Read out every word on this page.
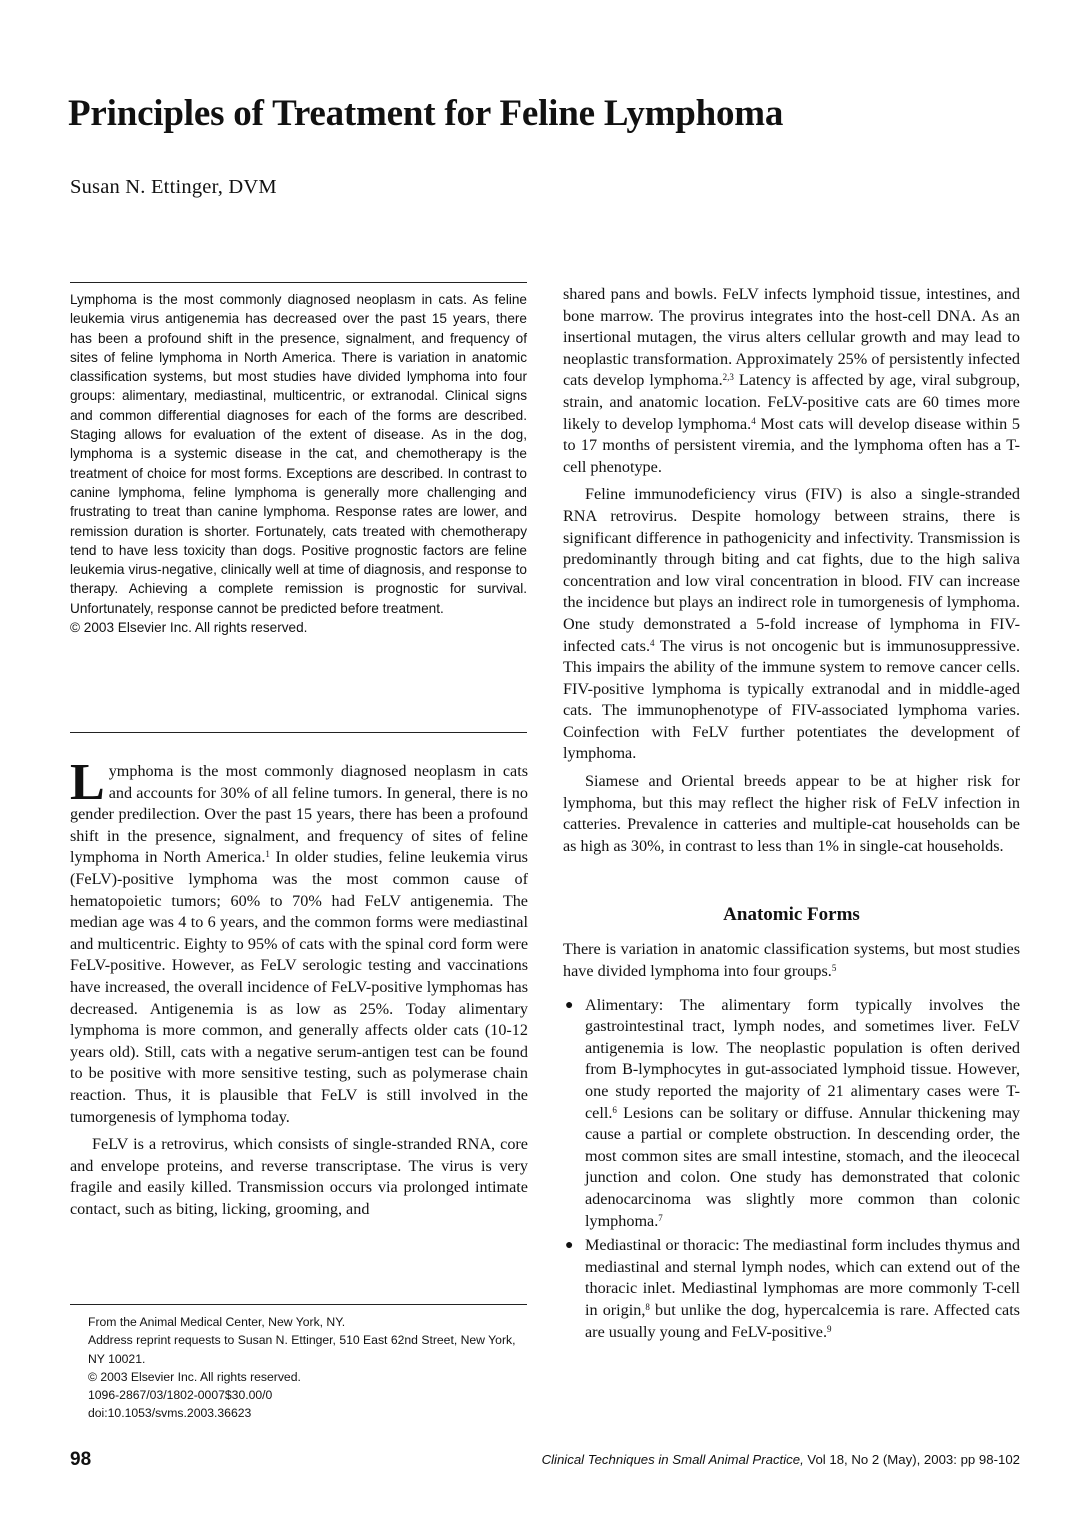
Principles of Treatment for Feline Lymphoma
Susan N. Ettinger, DVM

Lymphoma is the most commonly diagnosed neoplasm in cats. As feline leukemia virus antigenemia has decreased over the past 15 years, there has been a profound shift in the presence, signalment, and frequency of sites of feline lymphoma in North America. There is variation in anatomic classification systems, but most studies have divided lymphoma into four groups: alimentary, mediastinal, multicentric, or extranodal. Clinical signs and common differential diagnoses for each of the forms are described. Staging allows for evaluation of the extent of disease. As in the dog, lymphoma is a systemic disease in the cat, and chemotherapy is the treatment of choice for most forms. Exceptions are described. In contrast to canine lymphoma, feline lymphoma is generally more challenging and frustrating to treat than canine lymphoma. Response rates are lower, and remission duration is shorter. Fortunately, cats treated with chemotherapy tend to have less toxicity than dogs. Positive prognostic factors are feline leukemia virus-negative, clinically well at time of diagnosis, and response to therapy. Achieving a complete remission is prognostic for survival. Unfortunately, response cannot be predicted before treatment.

© 2003 Elsevier Inc. All rights reserved.

Lymphoma is the most commonly diagnosed neoplasm in cats and accounts for 30% of all feline tumors. In general, there is no gender predilection. Over the past 15 years, there has been a profound shift in the presence, signalment, and frequency of sites of feline lymphoma in North America.$^1$ In older studies, feline leukemia virus (FeLV)-positive lymphoma was the most common cause of hematopoietic tumors; 60% to 70% had FeLV antigenemia. The median age was 4 to 6 years, and the common forms were mediastinal and multicentric. Eighty to 95% of cats with the spinal cord form were FeLV-positive. However, as FeLV serologic testing and vaccinations have increased, the overall incidence of FeLV-positive lymphomas has decreased. Antigenemia is as low as 25%. Today alimentary lymphoma is more common, and generally affects older cats (10-12 years old). Still, cats with a negative serum-antigen test can be found to be positive with more sensitive testing, such as polymerase chain reaction. Thus, it is plausible that FeLV is still involved in the tumorgenesis of lymphoma today.

FeLV is a retrovirus, which consists of single-stranded RNA, core and envelope proteins, and reverse transcriptase. The virus is very fragile and easily killed. Transmission occurs via prolonged intimate contact, such as biting, licking, grooming, and

shared pans and bowls. FeLV infects lymphoid tissue, intestines, and bone marrow. The provirus integrates into the host-cell DNA. As an insertional mutagen, the virus alters cellular growth and may lead to neoplastic transformation. Approximately 25% of persistently infected cats develop lymphoma.$^{2,3}$ Latency is affected by age, viral subgroup, strain, and anatomic location. FeLV-positive cats are 60 times more likely to develop lymphoma.$^4$ Most cats will develop disease within 5 to 17 months of persistent viremia, and the lymphoma often has a T-cell phenotype.

Feline immunodeficiency virus (FIV) is also a single-stranded RNA retrovirus. Despite homology between strains, there is significant difference in pathogenicity and infectivity. Transmission is predominantly through biting and cat fights, due to the high saliva concentration and low viral concentration in blood. FIV can increase the incidence but plays an indirect role in tumorgenesis of lymphoma. One study demonstrated a 5-fold increase of lymphoma in FIV-infected cats.$^4$ The virus is not oncogenic but is immunosuppressive. This impairs the ability of the immune system to remove cancer cells. FIV-positive lymphoma is typically extranodal and in middle-aged cats. The immunophenotype of FIV-associated lymphoma varies. Coinfection with FeLV further potentiates the development of lymphoma.

Siamese and Oriental breeds appear to be at higher risk for lymphoma, but this may reflect the higher risk of FeLV infection in catteries. Prevalence in catteries and multiple-cat households can be as high as 30%, in contrast to less than 1% in single-cat households.

Anatomic Forms

There is variation in anatomic classification systems, but most studies have divided lymphoma into four groups.$^5$

● Alimentary: The alimentary form typically involves the gastrointestinal tract, lymph nodes, and sometimes liver. FeLV antigenemia is low. The neoplastic population is often derived from B-lymphocytes in gut-associated lymphoid tissue. However, one study reported the majority of 21 alimentary cases were T-cell.$^6$ Lesions can be solitary or diffuse. Annular thickening may cause a partial or complete obstruction. In descending order, the most common sites are small intestine, stomach, and the ileocecal junction and colon. One study has demonstrated that colonic adenocarcinoma was slightly more common than colonic lymphoma.$^7$
● Mediastinal or thoracic: The mediastinal form includes thymus and mediastinal and sternal lymph nodes, which can extend out of the thoracic inlet. Mediastinal lymphomas are more commonly T-cell in origin,$^8$ but unlike the dog, hypercalcemia is rare. Affected cats are usually young and FeLV-positive.$^9$
From the Animal Medical Center, New York, NY.
Address reprint requests to Susan N. Ettinger, 510 East 62nd Street, New York, NY 10021.
© 2003 Elsevier Inc. All rights reserved.
1096-2867/03/1802-0007$30.00/0
doi:10.1053/svms.2003.36623
98	Clinical Techniques in Small Animal Practice, Vol 18, No 2 (May), 2003: pp 98-102
